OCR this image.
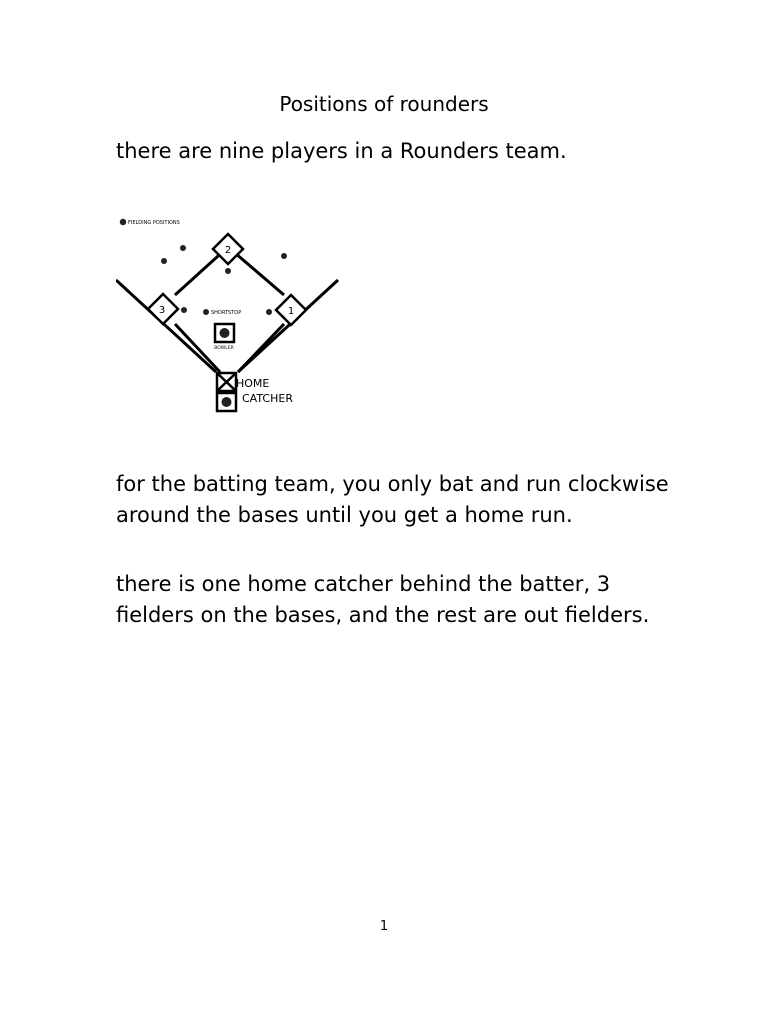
Positions of rounders

there are nine players in a Rounders team.

2
3	1
FIELDING POSITIONS
SHORTSTOP
BOWLER
HOME
CATCHER

for the batting team, you only bat and run clockwise around the bases until you get a home run.

there is one home catcher behind the batter, 3 fielders on the bases, and the rest are out fielders.

1
